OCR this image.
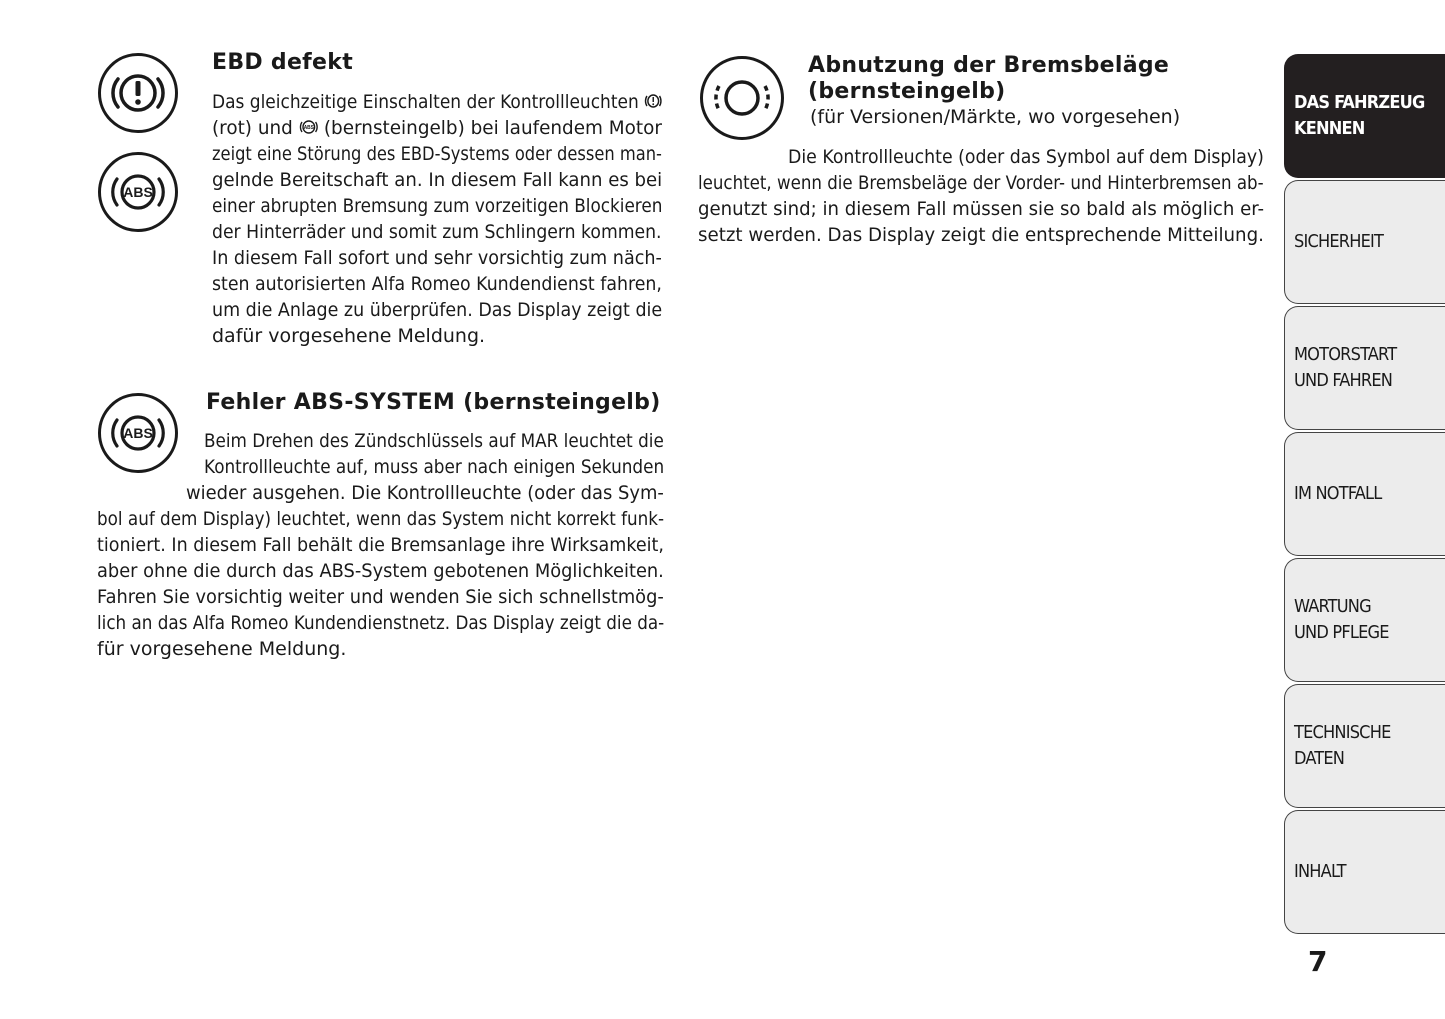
ABS
EBD defekt
Das gleichzeitige Einschalten der Kontrollleuchten
(rot) und ABS (bernsteingelb) bei laufendem Motor
zeigt eine Störung des EBD-Systems oder dessen man-
gelnde Bereitschaft an. In diesem Fall kann es bei
einer abrupten Bremsung zum vorzeitigen Blockieren
der Hinterräder und somit zum Schlingern kommen.
In diesem Fall sofort und sehr vorsichtig zum näch-
sten autorisierten Alfa Romeo Kundendienst fahren,
um die Anlage zu überprüfen. Das Display zeigt die
dafür vorgesehene Meldung.
ABS
Fehler ABS-SYSTEM (bernsteingelb)
Beim Drehen des Zündschlüssels auf MAR leuchtet die
Kontrollleuchte auf, muss aber nach einigen Sekunden
wieder ausgehen. Die Kontrollleuchte (oder das Sym-
bol auf dem Display) leuchtet, wenn das System nicht korrekt funk-
tioniert. In diesem Fall behält die Bremsanlage ihre Wirksamkeit,
aber ohne die durch das ABS-System gebotenen Möglichkeiten.
Fahren Sie vorsichtig weiter und wenden Sie sich schnellstmög-
lich an das Alfa Romeo Kundendienstnetz. Das Display zeigt die da-
für vorgesehene Meldung.
Abnutzung der Bremsbeläge
(bernsteingelb)
(für Versionen/Märkte, wo vorgesehen)
Die Kontrollleuchte (oder das Symbol auf dem Display)
leuchtet, wenn die Bremsbeläge der Vorder- und Hinterbremsen ab-
genutzt sind; in diesem Fall müssen sie so bald als möglich er-
setzt werden. Das Display zeigt die entsprechende Mitteilung.
DAS FAHRZEUG
KENNEN
SICHERHEIT
MOTORSTART
UND FAHREN
IM NOTFALL
WARTUNG
UND PFLEGE
TECHNISCHE
DATEN
INHALT
7
